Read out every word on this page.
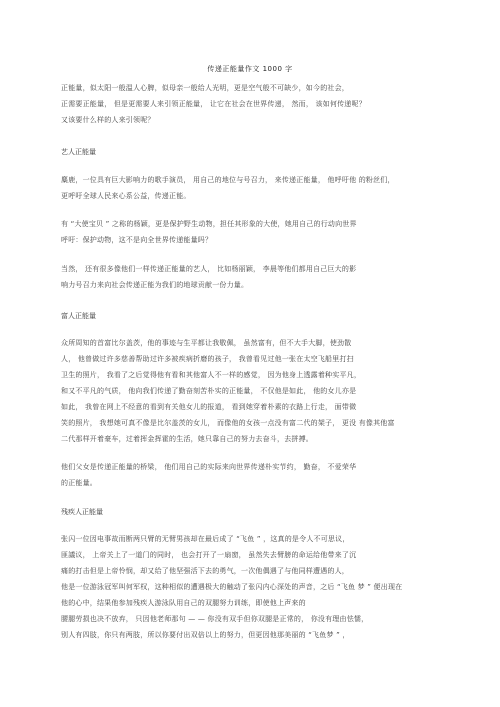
传递正能量作文 1000 字
正能量，似太阳一般温人心脾，似母亲一般给人光明，更是空气般不可缺少，如今的社会，
正需要正能量， 但是更需要人来引领正能量， 让它在社会在世界传递， 然而， 该如何传递呢？
又该要什么样的人来引领呢？
艺人正能量
麋鹿，一位具有巨大影响力的歌手演员， 用自己的地位与号召力， 来传递正能量， 他呼吁他 的粉丝们，
更呼吁全球人民来心系公益，传递正能。
有 “大使宝贝 ” 之称的杨颖，更是保护野生动物，担任其形象的大使，她用自己的行动向世界
呼吁：保护动物，这不是向全世界传递能量吗？
当然， 还有很多像他们一样传递正能量的艺人， 比如杨丽颖， 李晨等他们都用自己巨大的影
响力号召力来向社会传递正能为我们的地球贡献一份力量。
富人正能量
众所周知的首富比尔盖茨，他的事迹与生平都让我敬佩， 虽然富有，但不大手大脚，使劲散
人， 他曾做过许多慈善帮助过许多被疾病折磨的孩子， 我曾看见过他一张在太空飞船里打扫
卫生的照片， 我看了之后觉得他有看和其他富人不一样的感觉， 因为他身上透露着种实平凡，
和又不平凡的气质， 他向我们传递了勤奋刻苦朴实的正能量， 不仅他是如此， 他的女儿亦是
如此， 我曾在网上不经意的看到有关他女儿的报道， 看到她穿着朴素的衣路上行走， 面带微
笑的照片， 我想她可真不像是比尔盖茨的女儿， 而像他的女孩一点没有富二代的架子， 更没 有像其他富
二代那样开着豪车，过着挥金挥霍的生活，她只靠自己的努力去奋斗，去拼搏。
他们父女是传递正能量的桥梁， 他们用自己的实际来向世界传递朴实节约， 勤奋， 不爱荣华
的正能量。
残疾人正能量
张闪一位因电事故而断两只臂的无臂男孩却在最后成了 “飞鱼 ” ，这真的是令人不可思议，
匪議议， 上帝关上了一道门的同时， 也会打开了一扇窗， 虽然失去臂膀的命运给他带来了沉
痛的打击但是上帝怜悯，却又给了他坚强活下去的勇气，一次他偶遇了与他同样遭遇的人，
他是一位游泳冠军叫何军权，这种相似的遭遇极大的触动了张闪内心深处的声音，之后 “飞鱼 梦 ” 便出现在
他的心中，结果他参加残疾人游泳队用自己的双腿努力训练，即使他上声来的
腰腿劳损也决不放弃， 只因他老师那句 — — 你没有双手但你双腿是正常的， 你没有理由怯懦，
别人有四肢，你只有两肢，所以你要付出双倍以上的努力，但更因他那美丽的 “飞鱼梦 ” ，
